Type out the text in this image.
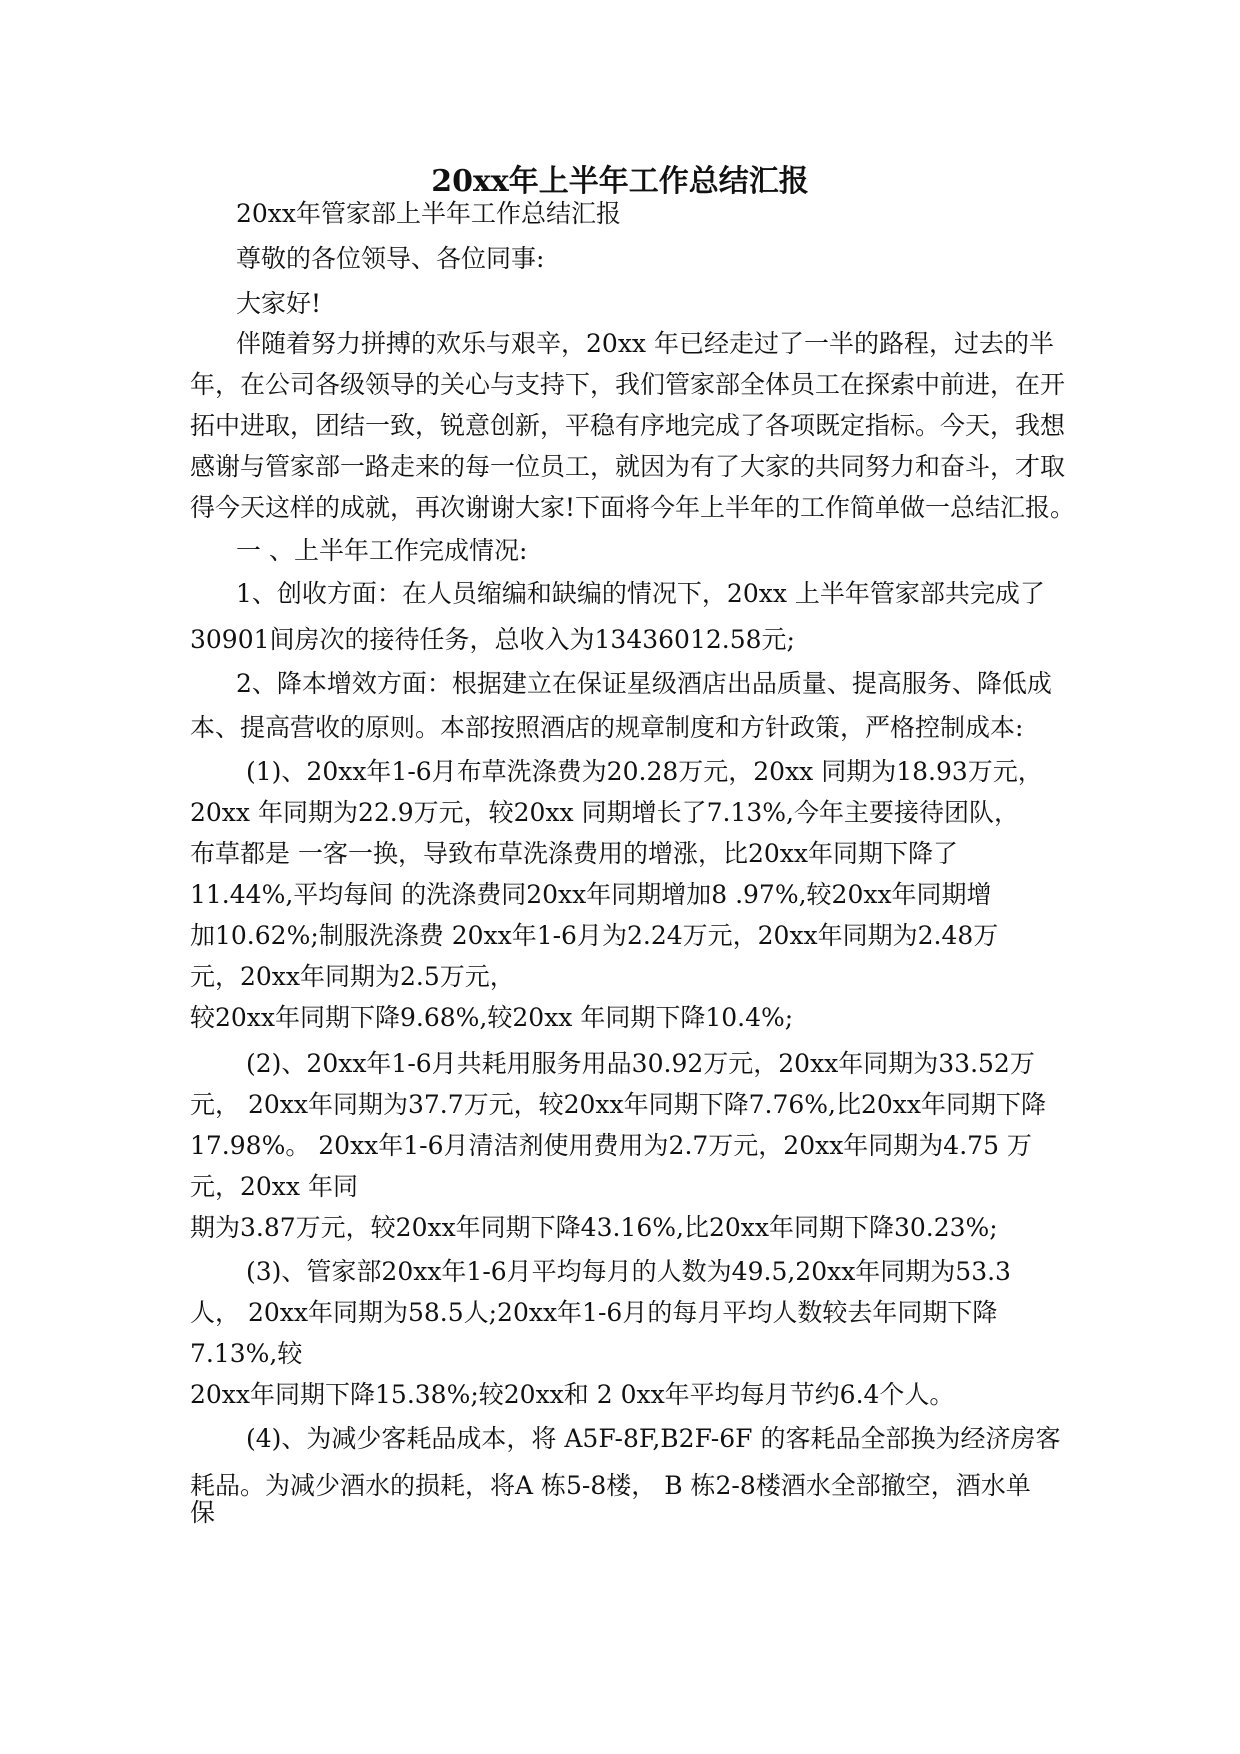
20xx年上半年工作总结汇报
20xx年管家部上半年工作总结汇报
尊敬的各位领导、各位同事:
大家好!
伴随着努力拼搏的欢乐与艰辛，20xx 年已经走过了一半的路程，过去的半
年，在公司各级领导的关心与支持下，我们管家部全体员工在探索中前进，在开
拓中进取，团结一致，锐意创新，平稳有序地完成了各项既定指标。今天，我想
感谢与管家部一路走来的每一位员工，就因为有了大家的共同努力和奋斗，才取
得今天这样的成就，再次谢谢大家!下面将今年上半年的工作简单做一总结汇报。
一 、上半年工作完成情况:
1、创收方面：在人员缩编和缺编的情况下，20xx 上半年管家部共完成了
30901间房次的接待任务，总收入为13436012.58元;
2、降本增效方面：根据建立在保证星级酒店出品质量、提高服务、降低成
本、提高营收的原则。本部按照酒店的规章制度和方针政策，严格控制成本:
(1)、20xx年1-6月布草洗涤费为20.28万元，20xx 同期为18.93万元，
20xx 年同期为22.9万元，较20xx 同期增长了7.13%,今年主要接待团队，
布草都是 一客一换，导致布草洗涤费用的增涨，比20xx年同期下降了
11.44%,平均每间 的洗涤费同20xx年同期增加8 .97%,较20xx年同期增
加10.62%;制服洗涤费 20xx年1-6月为2.24万元，20xx年同期为2.48万
元，20xx年同期为2.5万元，
较20xx年同期下降9.68%,较20xx 年同期下降10.4%;
(2)、20xx年1-6月共耗用服务用品30.92万元，20xx年同期为33.52万
元， 20xx年同期为37.7万元，较20xx年同期下降7.76%,比20xx年同期下降
17.98%。 20xx年1-6月清洁剂使用费用为2.7万元，20xx年同期为4.75 万
元，20xx 年同
期为3.87万元，较20xx年同期下降43.16%,比20xx年同期下降30.23%;
(3)、管家部20xx年1-6月平均每月的人数为49.5,20xx年同期为53.3
人， 20xx年同期为58.5人;20xx年1-6月的每月平均人数较去年同期下降
7.13%,较
20xx年同期下降15.38%;较20xx和 2 0xx年平均每月节约6.4个人。
(4)、为减少客耗品成本，将 A5F-8F,B2F-6F 的客耗品全部换为经济房客
耗品。为减少酒水的损耗，将A 栋5-8楼， B 栋2-8楼酒水全部撤空，酒水单
保
